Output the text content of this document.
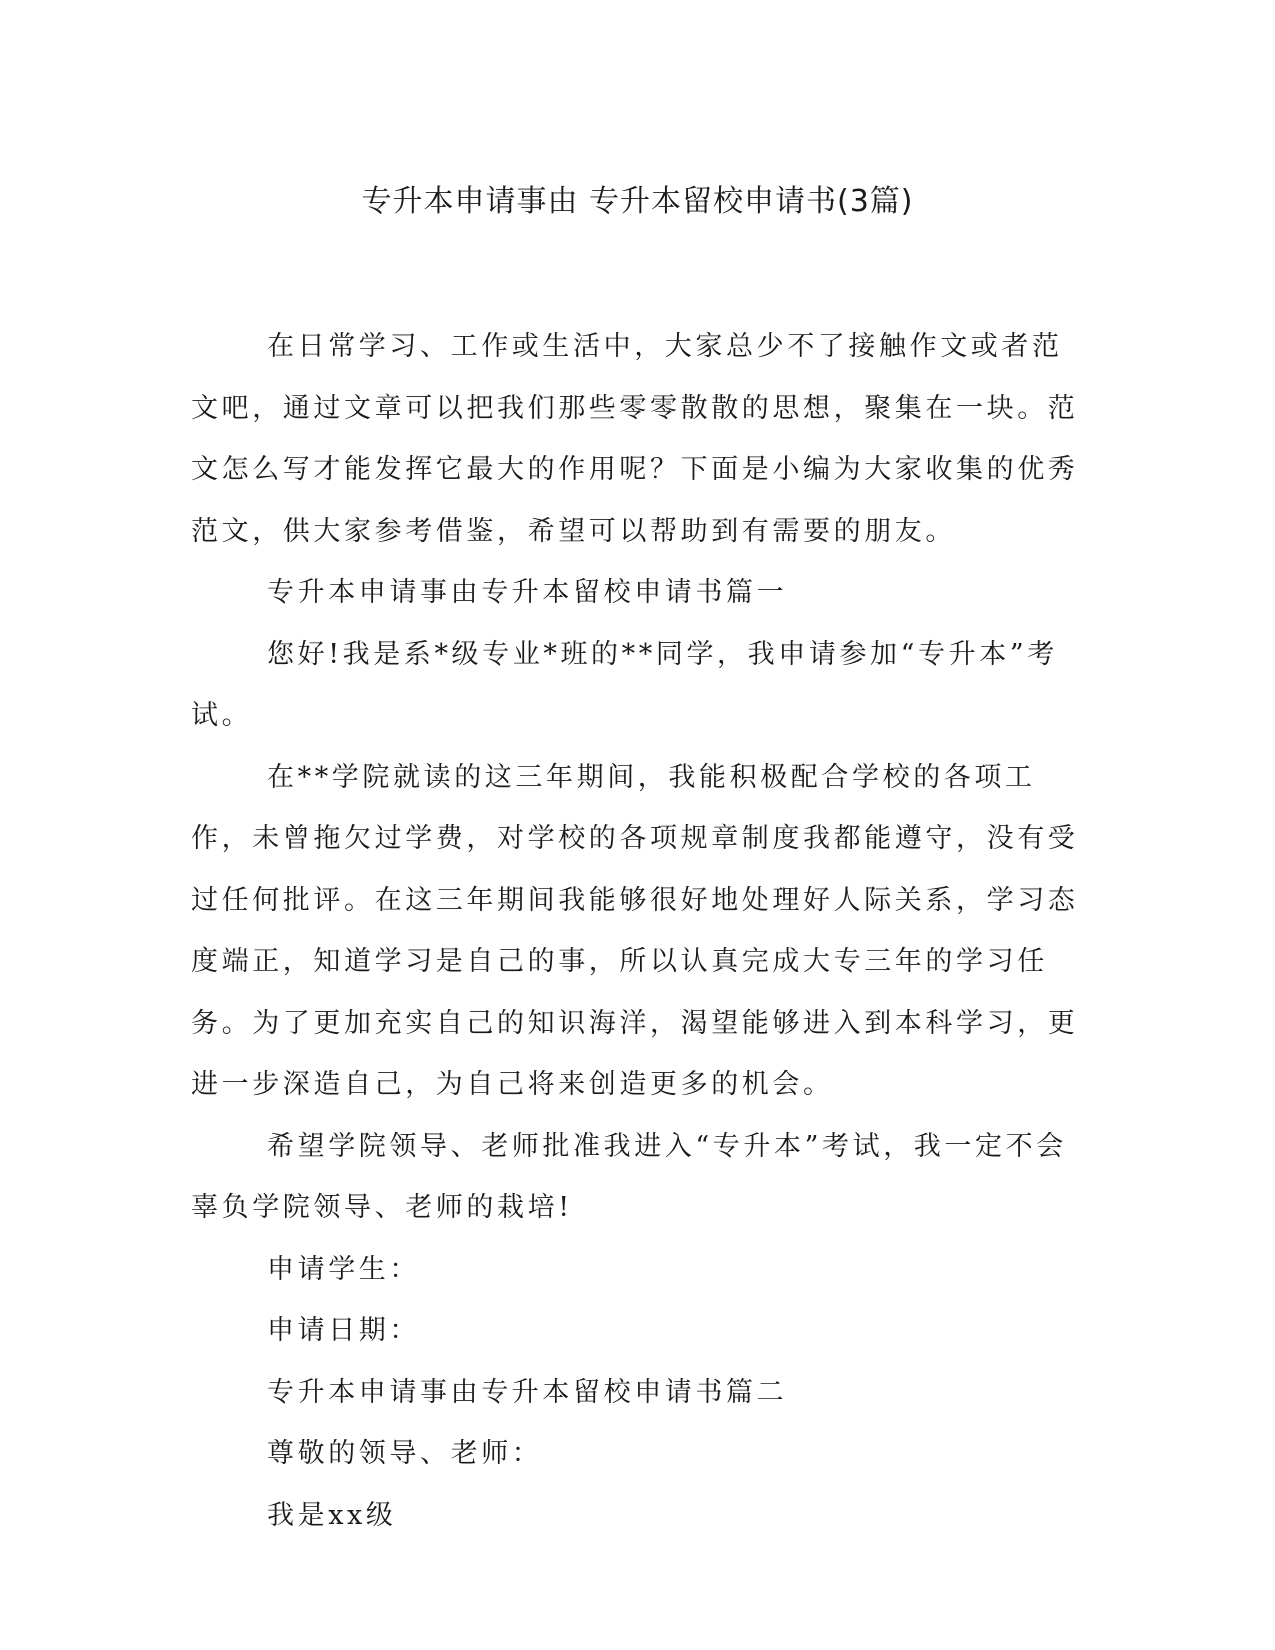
专升本申请事由 专升本留校申请书(3篇)

在日常学习、工作或生活中，大家总少不了接触作文或者范文吧，通过文章可以把我们那些零零散散的思想，聚集在一块。范文怎么写才能发挥它最大的作用呢？下面是小编为大家收集的优秀范文，供大家参考借鉴，希望可以帮助到有需要的朋友。

专升本申请事由专升本留校申请书篇一

您好!我是系*级专业*班的**同学，我申请参加“专升本”考试。

在**学院就读的这三年期间，我能积极配合学校的各项工作，未曾拖欠过学费，对学校的各项规章制度我都能遵守，没有受过任何批评。在这三年期间我能够很好地处理好人际关系，学习态度端正，知道学习是自己的事，所以认真完成大专三年的学习任务。为了更加充实自己的知识海洋，渴望能够进入到本科学习，更进一步深造自己，为自己将来创造更多的机会。

希望学院领导、老师批准我进入“专升本”考试，我一定不会辜负学院领导、老师的栽培!

申请学生：

申请日期：

专升本申请事由专升本留校申请书篇二

尊敬的领导、老师：

我是xx级
